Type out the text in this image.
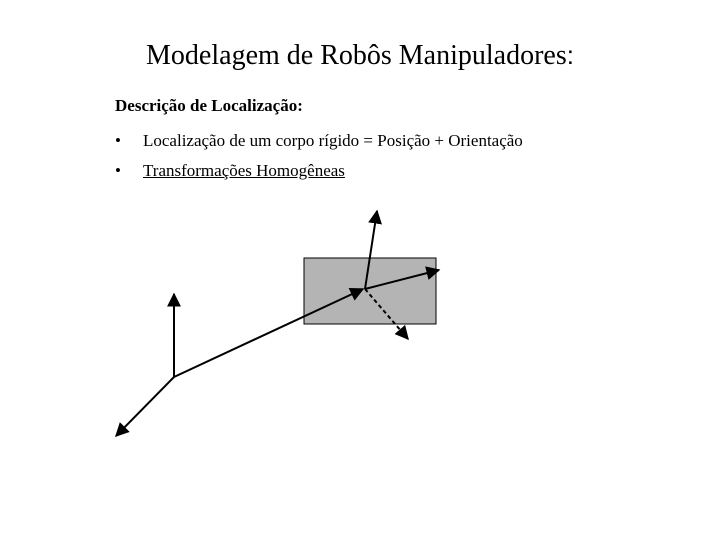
Modelagem de Robôs Manipuladores:
Descrição de Localização:
•	Localização de um corpo rígido = Posição + Orientação
•	Transformações Homogêneas
